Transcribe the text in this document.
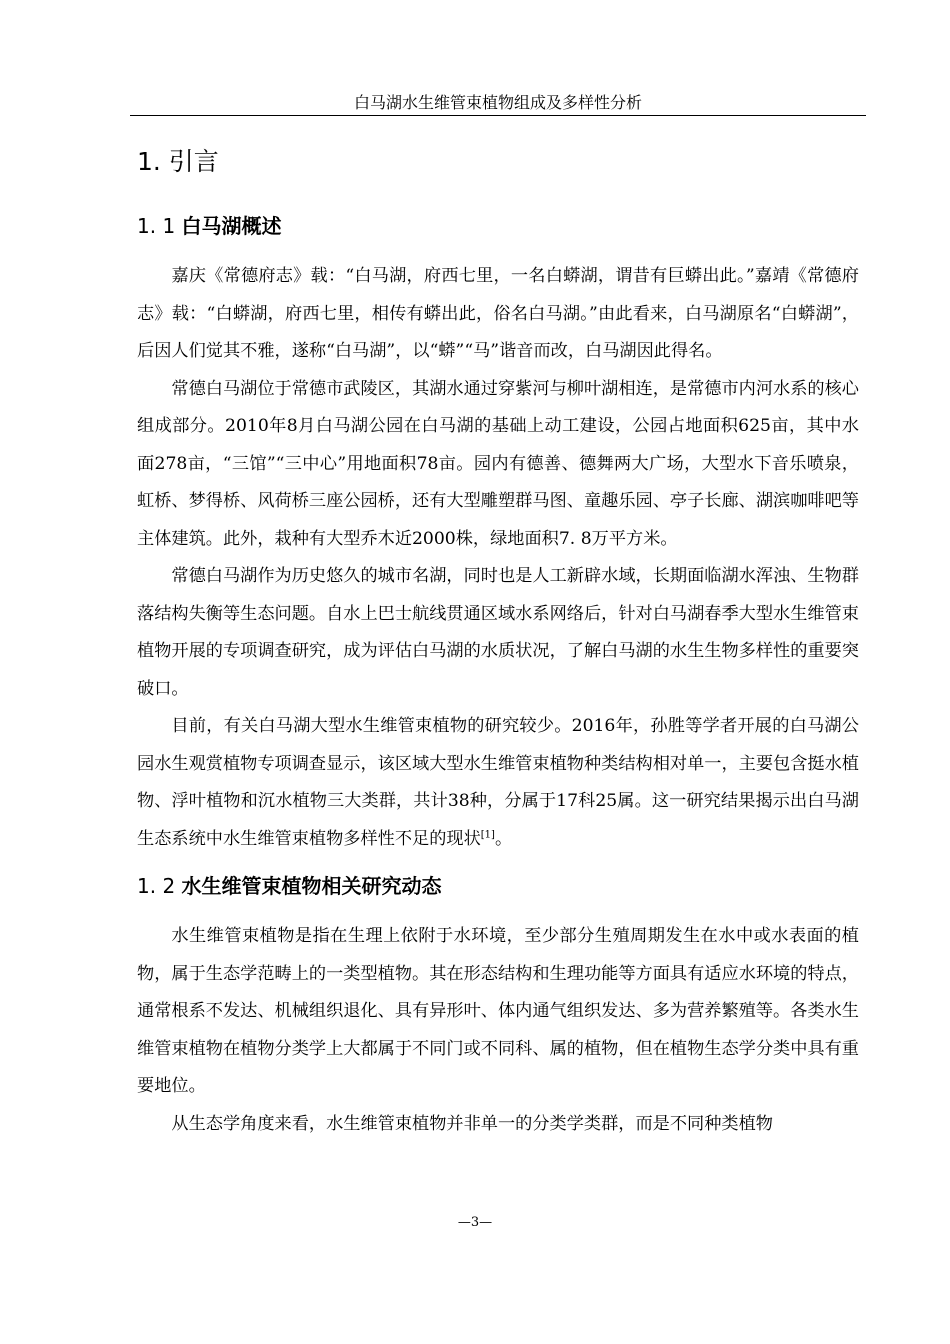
白马湖水生维管束植物组成及多样性分析
1. 引言
1. 1 白马湖概述

嘉庆《常德府志》载：“白马湖，府西七里，一名白蟒湖，谓昔有巨蟒出此。”嘉靖《常德府志》载：“白蟒湖，府西七里，相传有蟒出此，俗名白马湖。”由此看来，白马湖原名“白蟒湖”，后因人们觉其不雅，遂称“白马湖”，以“蟒”“马”谐音而改，白马湖因此得名。

常德白马湖位于常德市武陵区，其湖水通过穿紫河与柳叶湖相连，是常德市内河水系的核心组成部分。2010年8月白马湖公园在白马湖的基础上动工建设，公园占地面积625亩，其中水面278亩，“三馆”“三中心”用地面积78亩。园内有德善、德舞两大广场，大型水下音乐喷泉，虹桥、梦得桥、风荷桥三座公园桥，还有大型雕塑群马图、童趣乐园、亭子长廊、湖滨咖啡吧等主体建筑。此外，栽种有大型乔木近2000株，绿地面积7. 8万平方米。

常德白马湖作为历史悠久的城市名湖，同时也是人工新辟水域，长期面临湖水浑浊、生物群落结构失衡等生态问题。自水上巴士航线贯通区域水系网络后，针对白马湖春季大型水生维管束植物开展的专项调查研究，成为评估白马湖的水质状况，了解白马湖的水生生物多样性的重要突破口。

目前，有关白马湖大型水生维管束植物的研究较少。2016年，孙胜等学者开展的白马湖公园水生观赏植物专项调查显示，该区域大型水生维管束植物种类结构相对单一，主要包含挺水植物、浮叶植物和沉水植物三大类群，共计38种，分属于17科25属。这一研究结果揭示出白马湖生态系统中水生维管束植物多样性不足的现状[1]。

1. 2 水生维管束植物相关研究动态

水生维管束植物是指在生理上依附于水环境，至少部分生殖周期发生在水中或水表面的植物，属于生态学范畴上的一类型植物。其在形态结构和生理功能等方面具有适应水环境的特点，通常根系不发达、机械组织退化、具有异形叶、体内通气组织发达、多为营养繁殖等。各类水生维管束植物在植物分类学上大都属于不同门或不同科、属的植物，但在植物生态学分类中具有重要地位。

从生态学角度来看，水生维管束植物并非单一的分类学类群，而是不同种类植物

—3—
